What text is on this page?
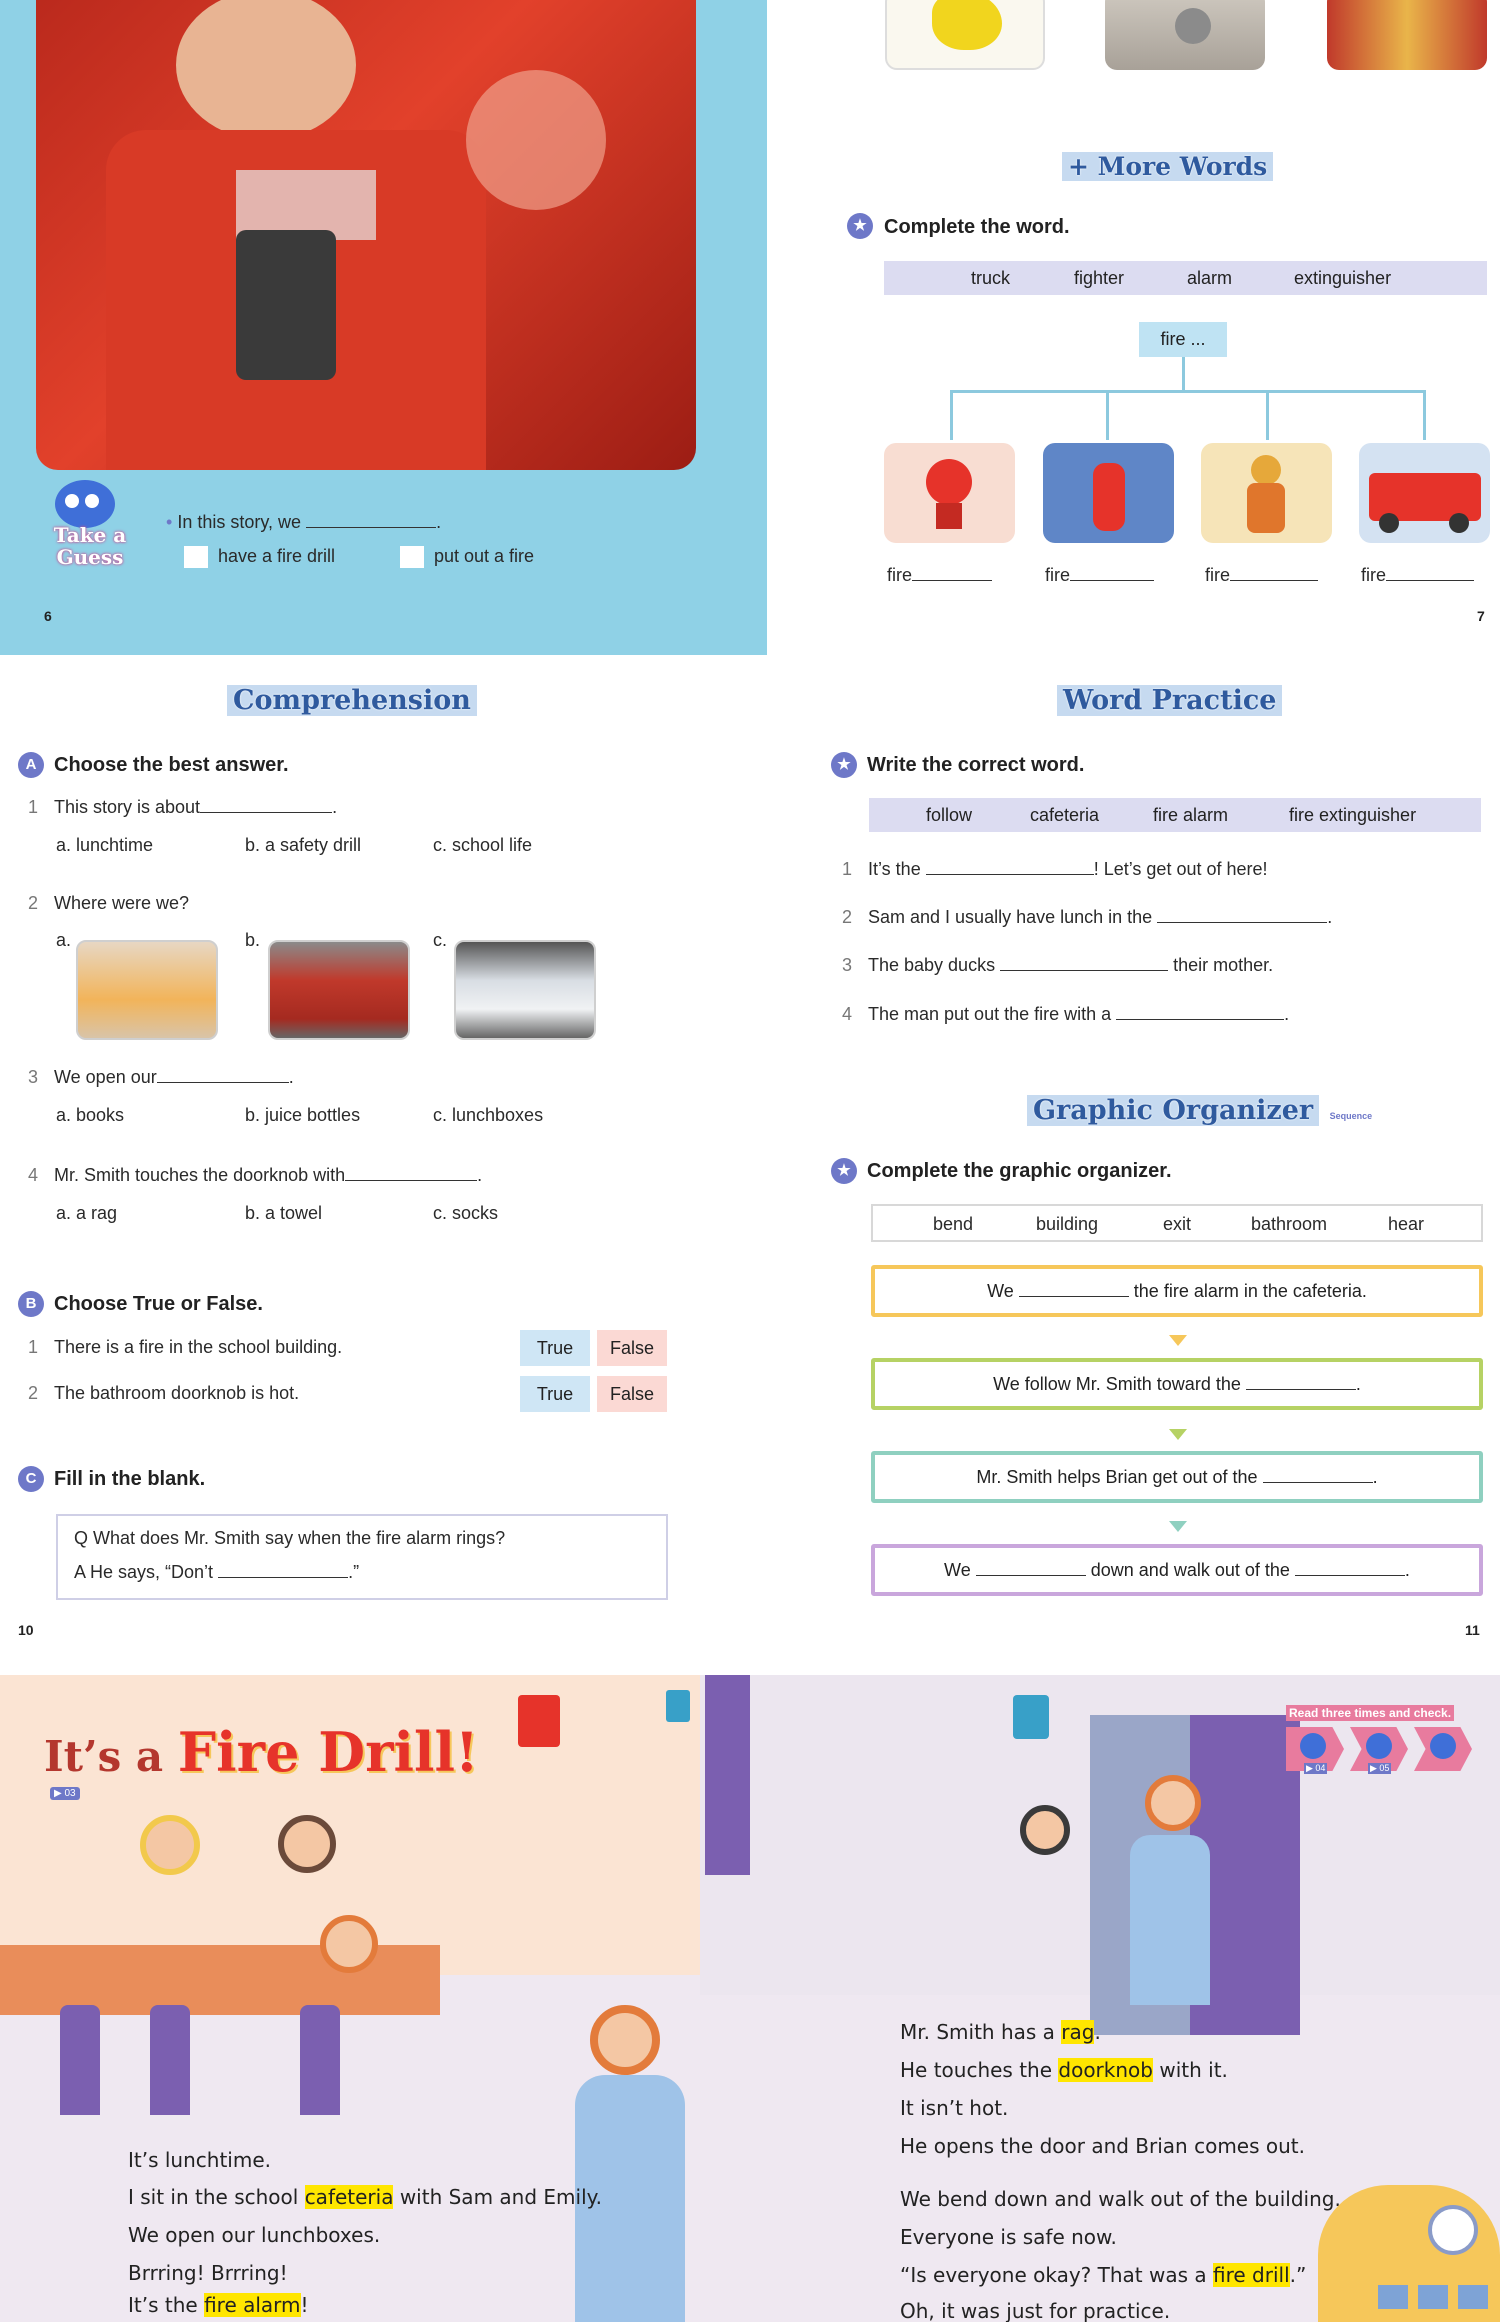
Take a Guess
• In this story, we	.
have a fire drill	put out a fire
6
+ More Words
★ Complete the word.
truck	fighter	alarm	extinguisher
fire ...
fire	fire	fire	fire
7
Comprehension
A Choose the best answer.
1 This story is about	.
a. lunchtime	b. a safety drill	c. school life
2 Where were we?
a.	b.	c.
3 We open our	.
a. books	b. juice bottles	c. lunchboxes
4 Mr. Smith touches the doorknob with	.
a. a rag	b. a towel	c. socks
B Choose True or False.
1 There is a fire in the school building.	True	False
2 The bathroom doorknob is hot.	True	False
C Fill in the blank.
Q What does Mr. Smith say when the fire alarm rings?
A He says, “Don’t	.”
10
Word Practice
★ Write the correct word.
follow	cafeteria	fire alarm	fire extinguisher
1 It’s the	! Let’s get out of here!
2 Sam and I usually have lunch in the	.
3 The baby ducks	their mother.
4 The man put out the fire with a	.
Graphic Organizer Sequence
★ Complete the graphic organizer.
bend	building	exit	bathroom	hear
We	the fire alarm in the cafeteria.
We follow Mr. Smith toward the	.
Mr. Smith helps Brian get out of the	.
We	down and walk out of the	.
11
It’s a Fire Drill!
▶ 03
Read three times and check.
▶ 04	▶ 05
It’s lunchtime.
I sit in the school cafeteria with Sam and Emily.
We open our lunchboxes.
Brrring! Brrring!
It’s the fire alarm!
Mr. Smith has a rag.
He touches the doorknob with it.
It isn’t hot.
He opens the door and Brian comes out.
We bend down and walk out of the building.
Everyone is safe now.
“Is everyone okay? That was a fire drill.”
Oh, it was just for practice.
